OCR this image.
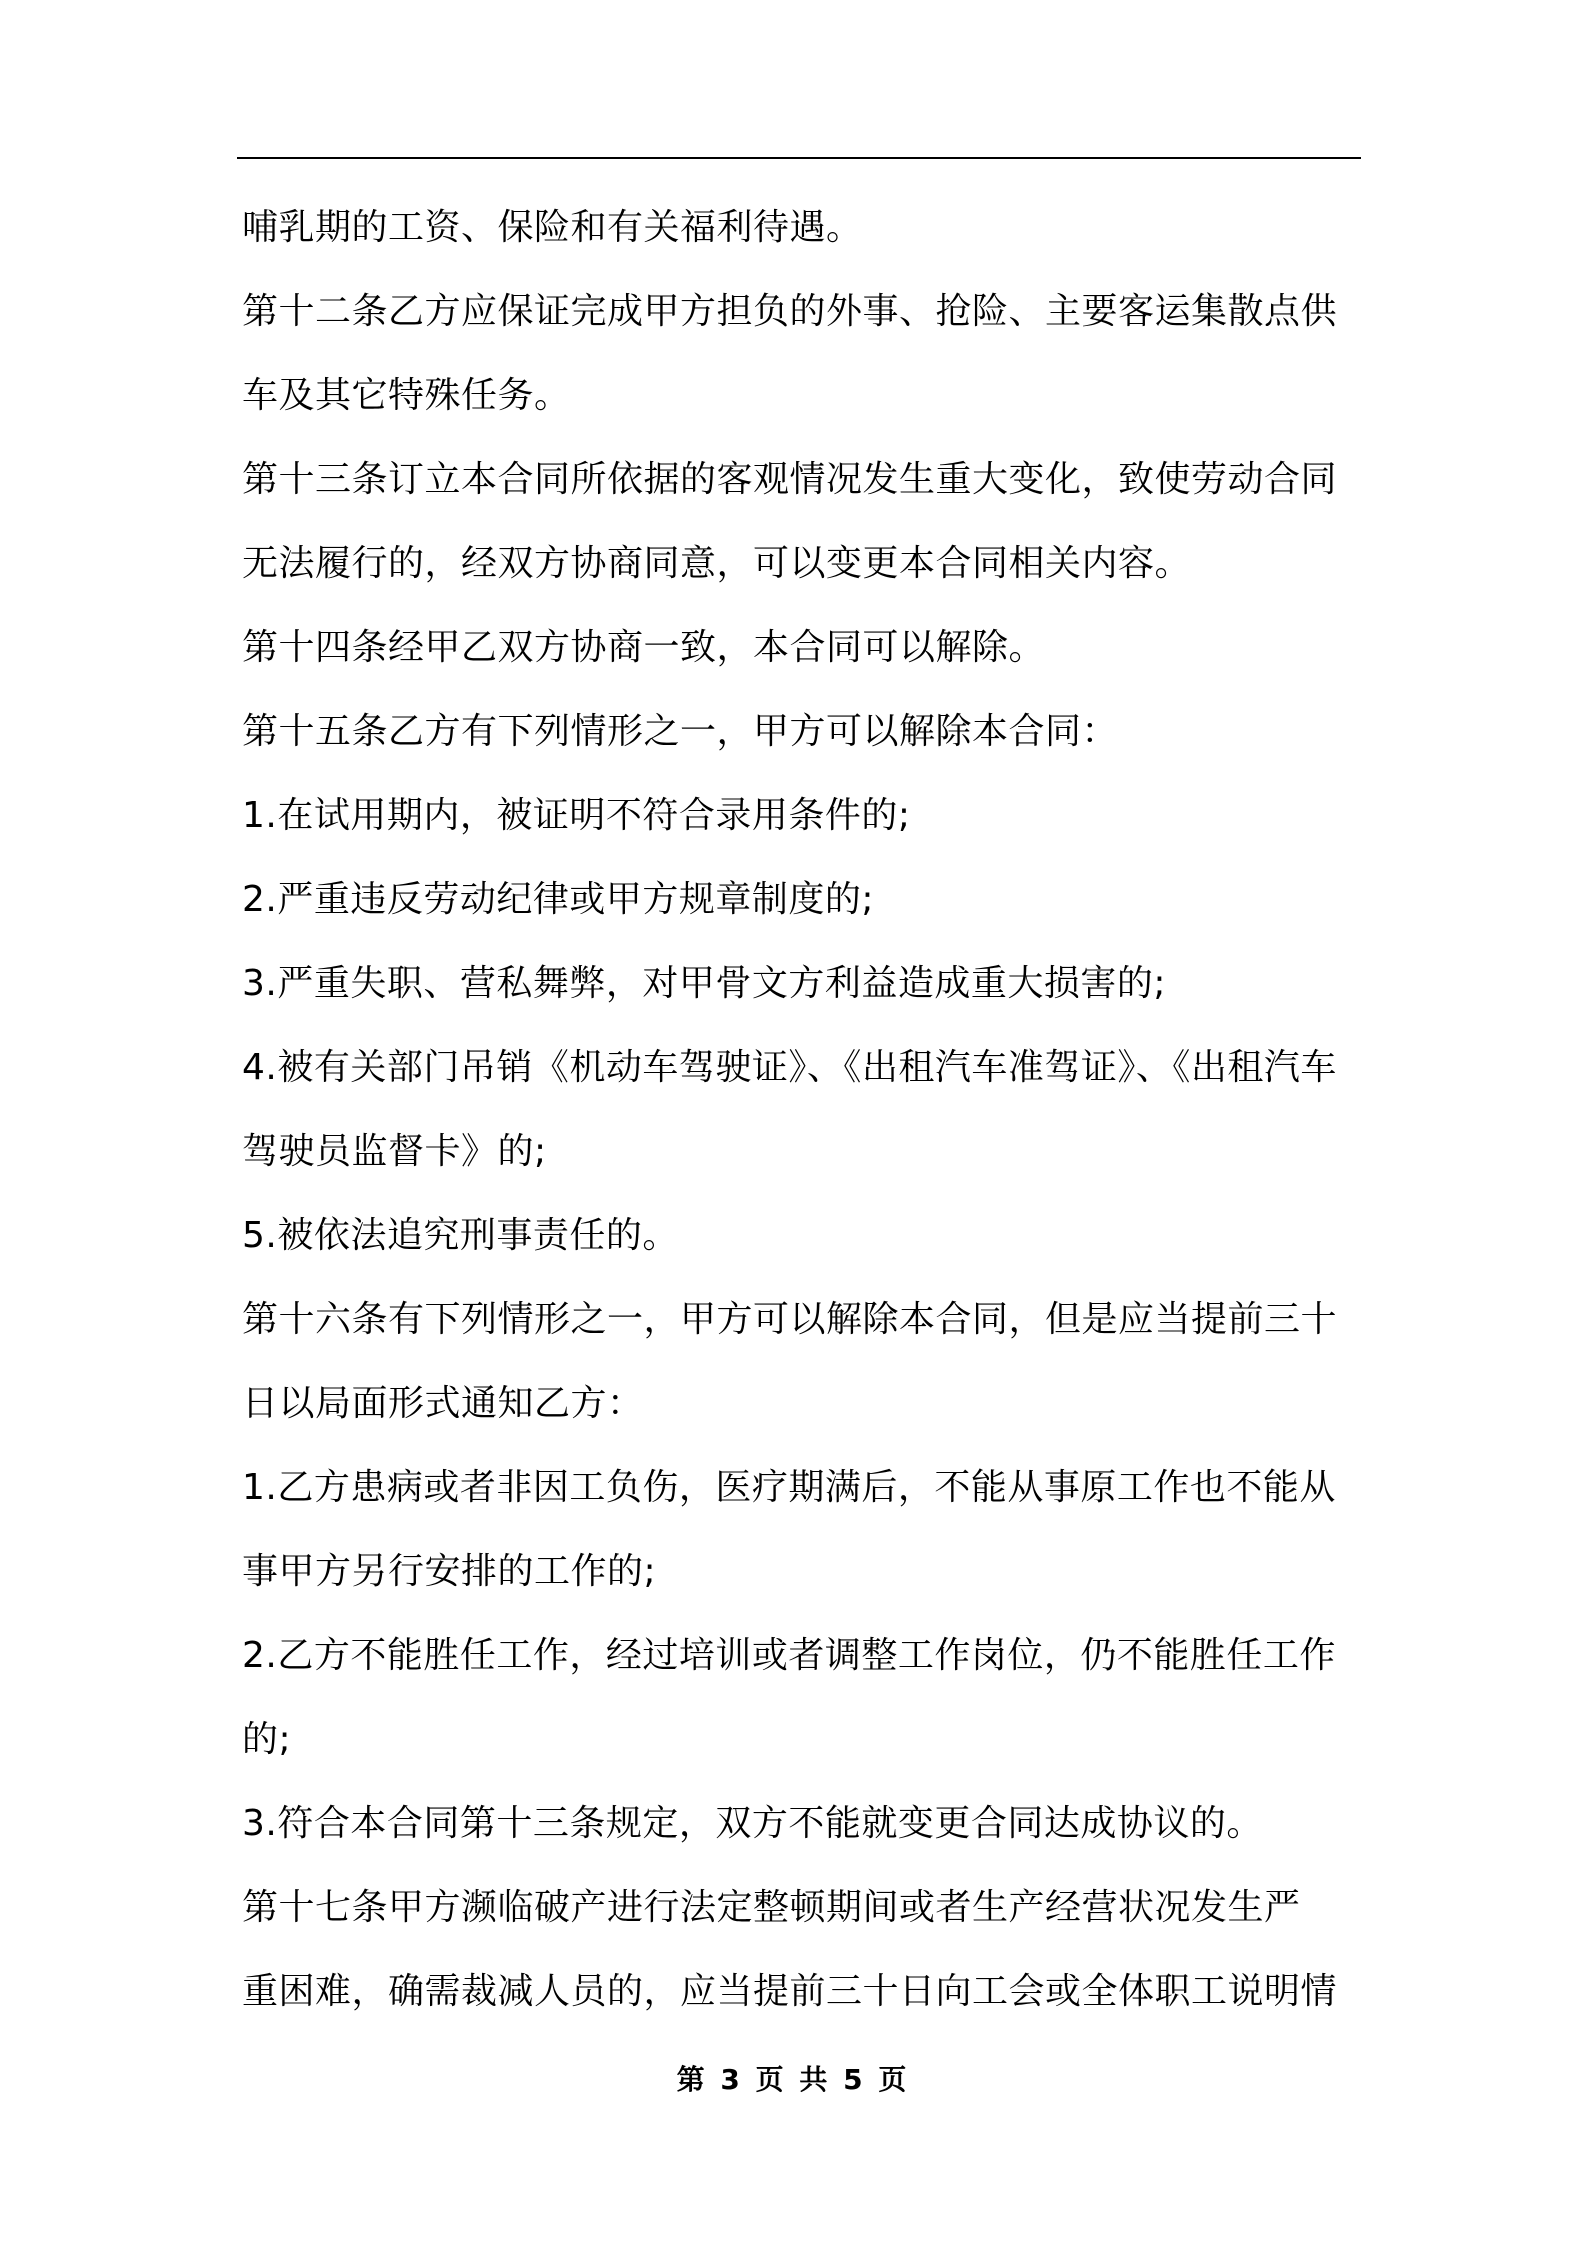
哺乳期的工资、保险和有关福利待遇。
第十二条乙方应保证完成甲方担负的外事、抢险、主要客运集散点供
车及其它特殊任务。
第十三条订立本合同所依据的客观情况发生重大变化，致使劳动合同
无法履行的，经双方协商同意，可以变更本合同相关内容。
第十四条经甲乙双方协商一致，本合同可以解除。
第十五条乙方有下列情形之一，甲方可以解除本合同：
1.在试用期内，被证明不符合录用条件的;
2.严重违反劳动纪律或甲方规章制度的;
3.严重失职、营私舞弊，对甲骨文方利益造成重大损害的;
4.被有关部门吊销《机动车驾驶证》、《出租汽车准驾证》、《出租汽车
驾驶员监督卡》的;
5.被依法追究刑事责任的。
第十六条有下列情形之一，甲方可以解除本合同，但是应当提前三十
日以局面形式通知乙方：
1.乙方患病或者非因工负伤，医疗期满后，不能从事原工作也不能从
事甲方另行安排的工作的;
2.乙方不能胜任工作，经过培训或者调整工作岗位，仍不能胜任工作
的;
3.符合本合同第十三条规定，双方不能就变更合同达成协议的。
第十七条甲方濒临破产进行法定整顿期间或者生产经营状况发生严
重困难，确需裁减人员的，应当提前三十日向工会或全体职工说明情
第 3 页 共 5 页
